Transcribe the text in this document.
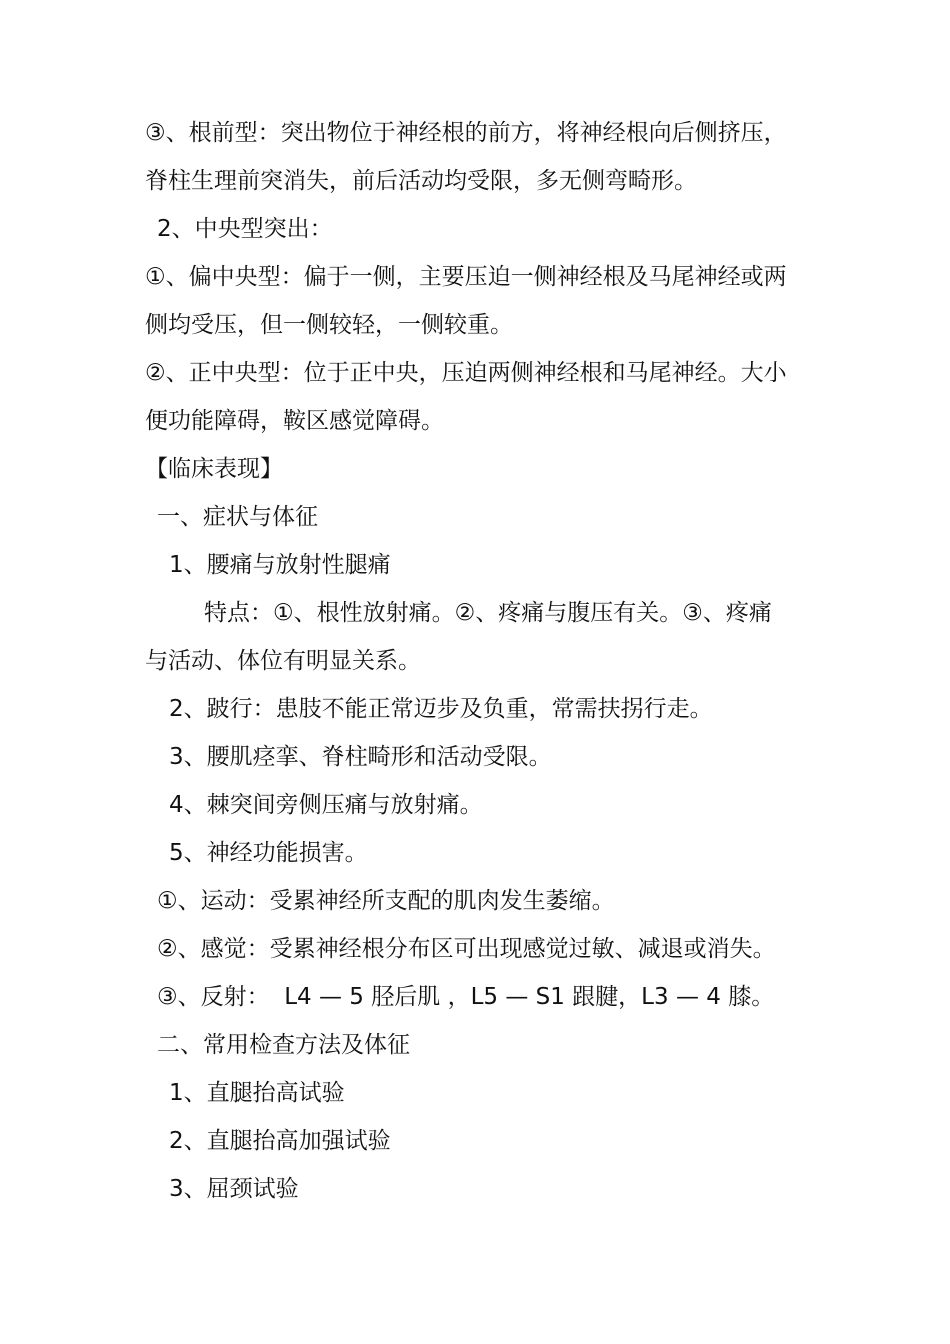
③、根前型：突出物位于神经根的前方，将神经根向后侧挤压，
脊柱生理前突消失，前后活动均受限，多无侧弯畸形。
2、中央型突出：
①、偏中央型：偏于一侧，主要压迫一侧神经根及马尾神经或两
侧均受压，但一侧较轻，一侧较重。
②、正中央型：位于正中央，压迫两侧神经根和马尾神经。大小
便功能障碍，鞍区感觉障碍。
【临床表现】
一、症状与体征
1、腰痛与放射性腿痛
特点：①、根性放射痛。②、疼痛与腹压有关。③、疼痛
与活动、体位有明显关系。
2、跛行：患肢不能正常迈步及负重，常需扶拐行走。
3、腰肌痉挛、脊柱畸形和活动受限。
4、棘突间旁侧压痛与放射痛。
5、神经功能损害。
①、运动：受累神经所支配的肌肉发生萎缩。
②、感觉：受累神经根分布区可出现感觉过敏、减退或消失。
③、反射：  L4 — 5 胫后肌 ，L5 — S1 跟腱，L3 — 4 膝。
二、常用检查方法及体征
1、直腿抬高试验
2、直腿抬高加强试验
3、屈颈试验
